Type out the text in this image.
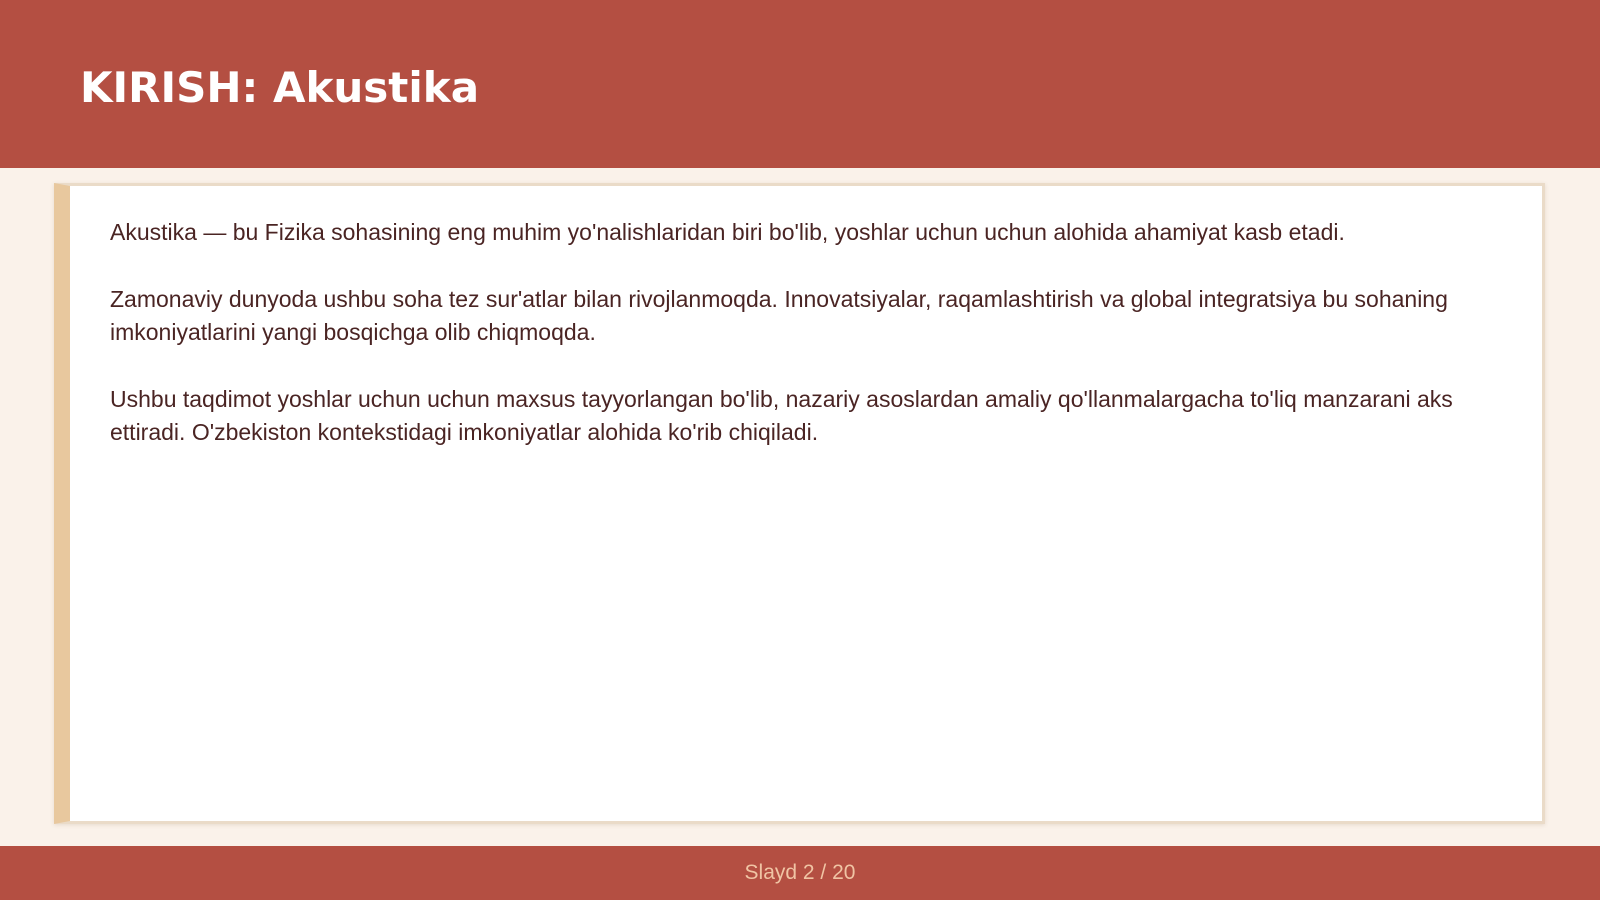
KIRISH: Akustika

Akustika — bu Fizika sohasining eng muhim yo'nalishlaridan biri bo'lib, yoshlar uchun uchun alohida ahamiyat kasb etadi.

Zamonaviy dunyoda ushbu soha tez sur'atlar bilan rivojlanmoqda. Innovatsiyalar, raqamlashtirish va global integratsiya bu sohaning imkoniyatlarini yangi bosqichga olib chiqmoqda.

Ushbu taqdimot yoshlar uchun uchun maxsus tayyorlangan bo'lib, nazariy asoslardan amaliy qo'llanmalargacha to'liq manzarani aks ettiradi. O'zbekiston kontekstidagi imkoniyatlar alohida ko'rib chiqiladi.

Slayd 2 / 20
